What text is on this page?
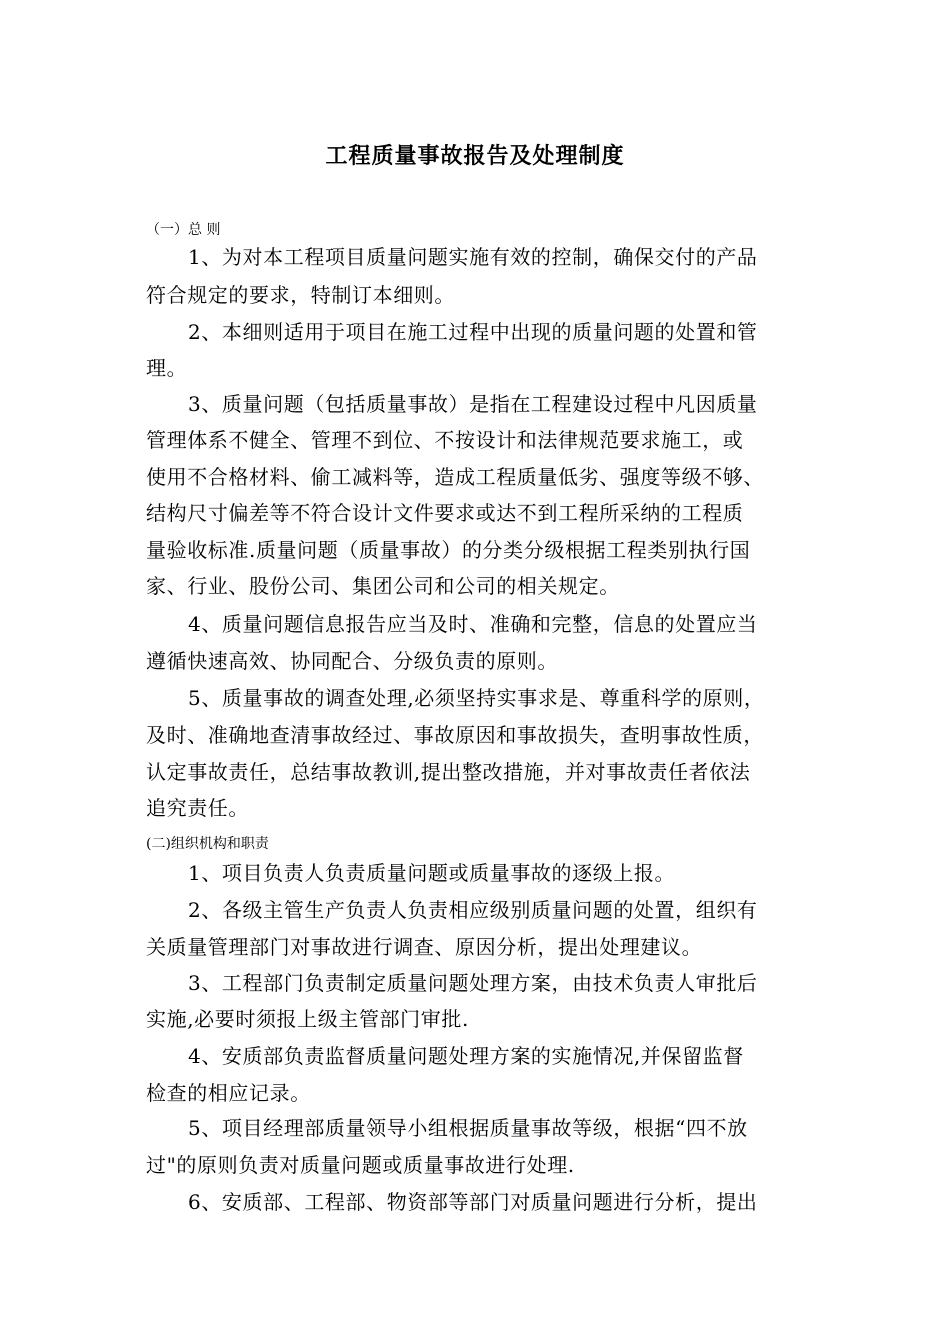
工程质量事故报告及处理制度
（一）总 则
1、为对本工程项目质量问题实施有效的控制，确保交付的产品
符合规定的要求，特制订本细则。
2、本细则适用于项目在施工过程中出现的质量问题的处置和管
理。
3、质量问题（包括质量事故）是指在工程建设过程中凡因质量
管理体系不健全、管理不到位、不按设计和法律规范要求施工，或
使用不合格材料、偷工减料等，造成工程质量低劣、强度等级不够、
结构尺寸偏差等不符合设计文件要求或达不到工程所采纳的工程质
量验收标准.质量问题（质量事故）的分类分级根据工程类别执行国
家、行业、股份公司、集团公司和公司的相关规定。
4、质量问题信息报告应当及时、准确和完整，信息的处置应当
遵循快速高效、协同配合、分级负责的原则。
5、质量事故的调查处理,必须坚持实事求是、尊重科学的原则，
及时、准确地查清事故经过、事故原因和事故损失，查明事故性质，
认定事故责任，总结事故教训,提出整改措施，并对事故责任者依法
追究责任。
(二)组织机构和职责
1、项目负责人负责质量问题或质量事故的逐级上报。
2、各级主管生产负责人负责相应级别质量问题的处置，组织有
关质量管理部门对事故进行调查、原因分析，提出处理建议。
3、工程部门负责制定质量问题处理方案，由技术负责人审批后
实施,必要时须报上级主管部门审批.
4、安质部负责监督质量问题处理方案的实施情况,并保留监督
检查的相应记录。
5、项目经理部质量领导小组根据质量事故等级，根据“四不放
过"的原则负责对质量问题或质量事故进行处理.
6、安质部、工程部、物资部等部门对质量问题进行分析，提出
